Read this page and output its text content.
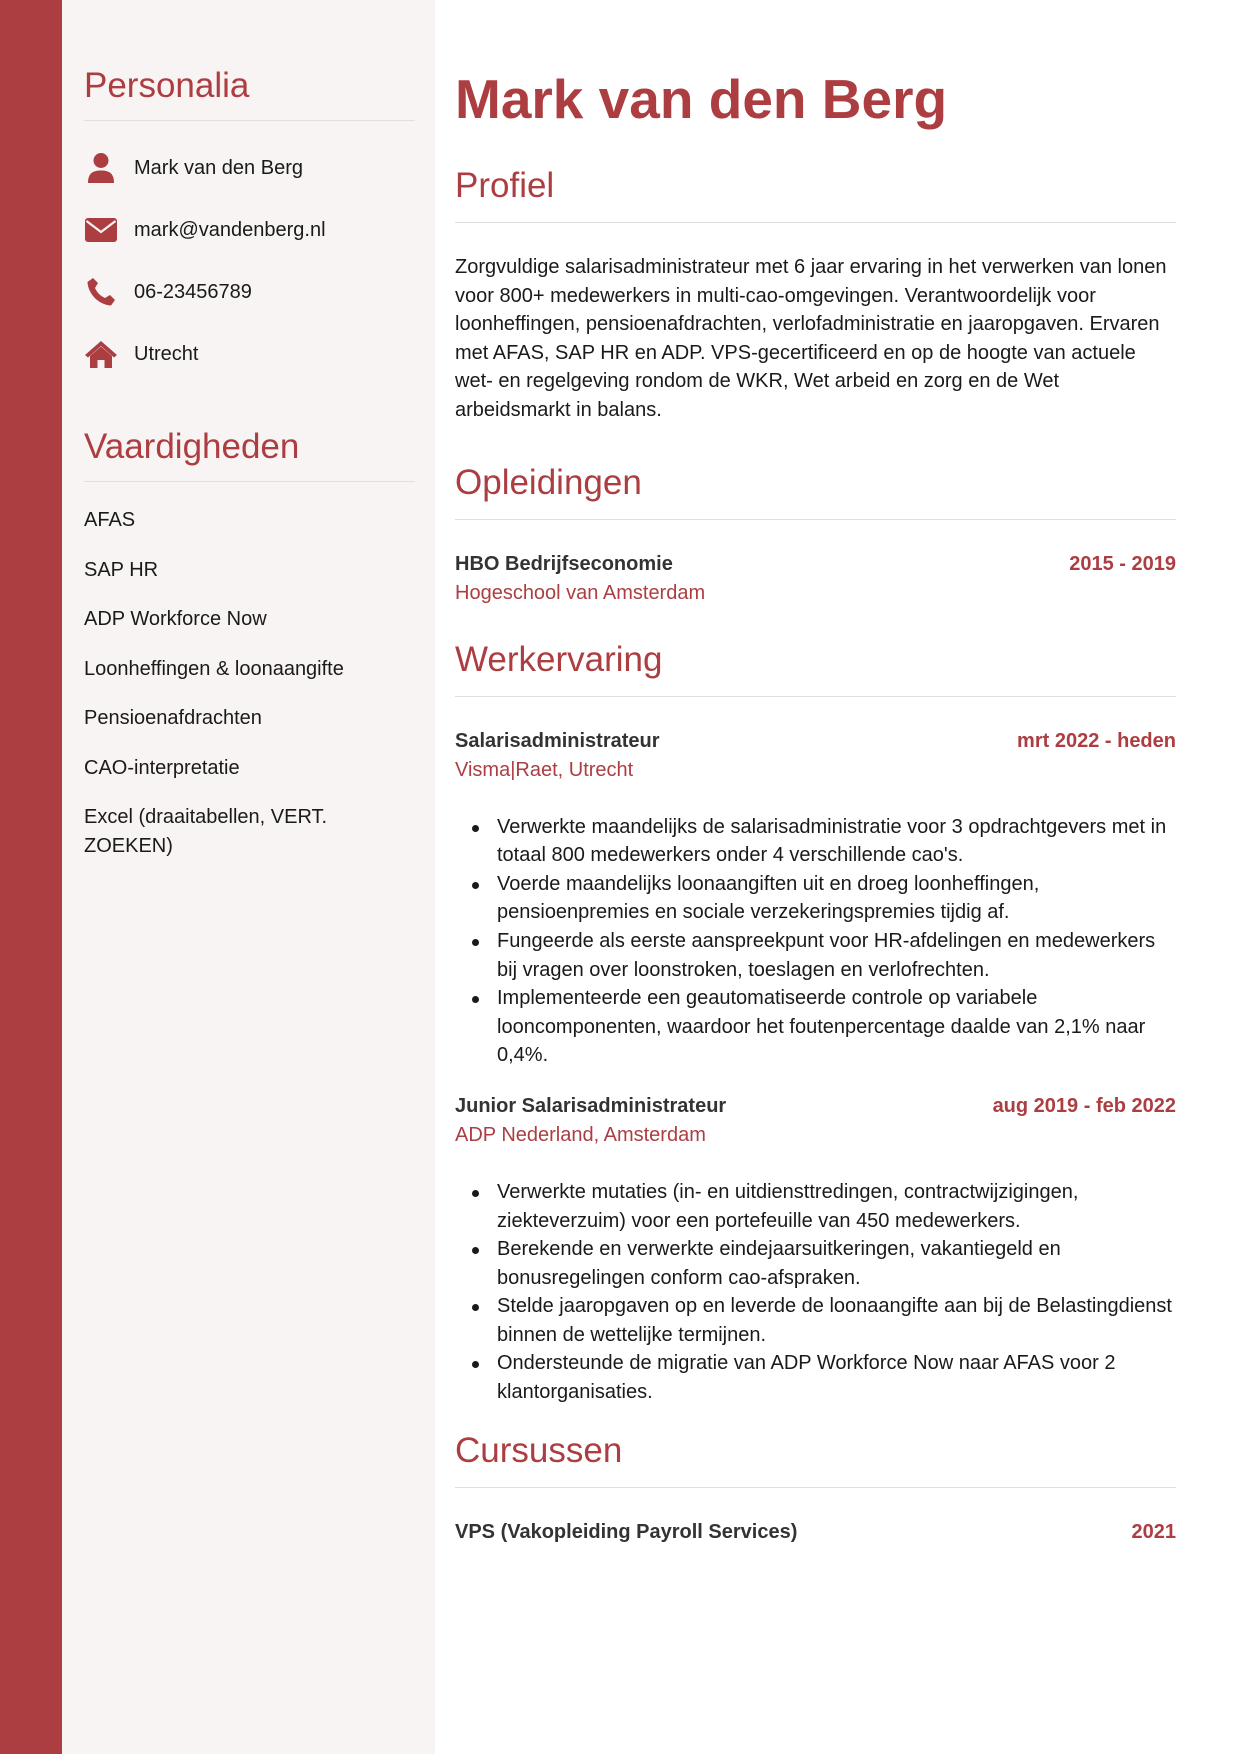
Personalia
Mark van den Berg
mark@vandenberg.nl
06-23456789
Utrecht
Vaardigheden
AFAS
SAP HR
ADP Workforce Now
Loonheffingen & loonaangifte
Pensioenafdrachten
CAO-interpretatie
Excel (draaitabellen, VERT. ZOEKEN)
Mark van den Berg
Profiel

Zorgvuldige salarisadministrateur met 6 jaar ervaring in het verwerken van lonen voor 800+ medewerkers in multi-cao-omgevingen. Verantwoordelijk voor loonheffingen, pensioenafdrachten, verlofadministratie en jaaropgaven. Ervaren met AFAS, SAP HR en ADP. VPS-gecertificeerd en op de hoogte van actuele wet- en regelgeving rondom de WKR, Wet arbeid en zorg en de Wet arbeidsmarkt in balans.

Opleidingen
HBO Bedrijfseconomie	2015 - 2019
Hogeschool van Amsterdam
Werkervaring
Salarisadministrateur	mrt 2022 - heden
Visma|Raet, Utrecht
Verwerkte maandelijks de salarisadministratie voor 3 opdrachtgevers met in totaal 800 medewerkers onder 4 verschillende cao's.
Voerde maandelijks loonaangiften uit en droeg loonheffingen, pensioenpremies en sociale verzekeringspremies tijdig af.
Fungeerde als eerste aanspreekpunt voor HR-afdelingen en medewerkers bij vragen over loonstroken, toeslagen en verlofrechten.
Implementeerde een geautomatiseerde controle op variabele looncomponenten, waardoor het foutenpercentage daalde van 2,1% naar 0,4%.
Junior Salarisadministrateur	aug 2019 - feb 2022
ADP Nederland, Amsterdam
Verwerkte mutaties (in- en uitdiensttredingen, contractwijzigingen, ziekteverzuim) voor een portefeuille van 450 medewerkers.
Berekende en verwerkte eindejaarsuitkeringen, vakantiegeld en bonusregelingen conform cao-afspraken.
Stelde jaaropgaven op en leverde de loonaangifte aan bij de Belastingdienst binnen de wettelijke termijnen.
Ondersteunde de migratie van ADP Workforce Now naar AFAS voor 2 klantorganisaties.
Cursussen
VPS (Vakopleiding Payroll Services)	2021
